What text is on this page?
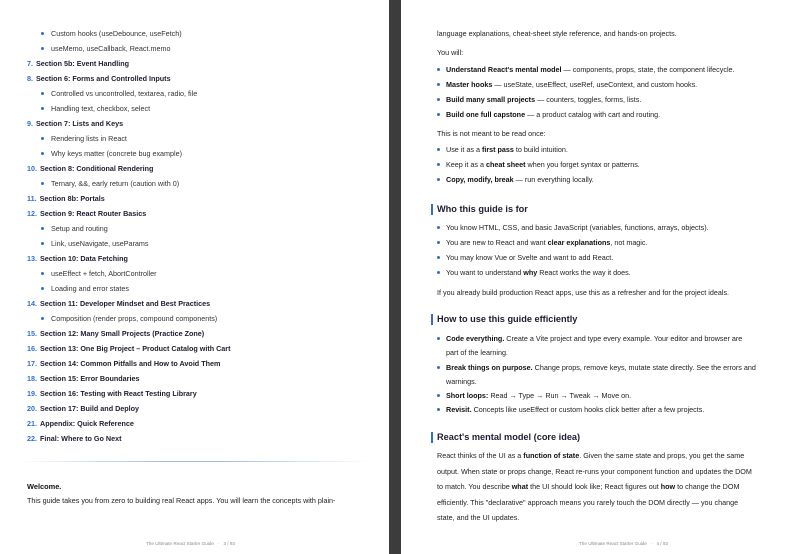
Custom hooks (useDebounce, useFetch)
useMemo, useCallback, React.memo
7. Section 5b: Event Handling
8. Section 6: Forms and Controlled Inputs
Controlled vs uncontrolled, textarea, radio, file
Handling text, checkbox, select
9. Section 7: Lists and Keys
Rendering lists in React
Why keys matter (concrete bug example)
10. Section 8: Conditional Rendering
Ternary, &&, early return (caution with 0)
11. Section 8b: Portals
12. Section 9: React Router Basics
Setup and routing
Link, useNavigate, useParams
13. Section 10: Data Fetching
useEffect + fetch, AbortController
Loading and error states
14. Section 11: Developer Mindset and Best Practices
Composition (render props, compound components)
15. Section 12: Many Small Projects (Practice Zone)
16. Section 13: One Big Project – Product Catalog with Cart
17. Section 14: Common Pitfalls and How to Avoid Them
18. Section 15: Error Boundaries
19. Section 16: Testing with React Testing Library
20. Section 17: Build and Deploy
21. Appendix: Quick Reference
22. Final: Where to Go Next
Welcome.
This guide takes you from zero to building real React apps. You will learn the concepts with plain-
The Ultimate React Starter Guide · 3 / 93
language explanations, cheat-sheet style reference, and hands-on projects.
You will:
Understand React's mental model — components, props, state, the component lifecycle.
Master hooks — useState, useEffect, useRef, useContext, and custom hooks.
Build many small projects — counters, toggles, forms, lists.
Build one full capstone — a product catalog with cart and routing.
This is not meant to be read once:
Use it as a first pass to build intuition.
Keep it as a cheat sheet when you forget syntax or patterns.
Copy, modify, break — run everything locally.
Who this guide is for
You know HTML, CSS, and basic JavaScript (variables, functions, arrays, objects).
You are new to React and want clear explanations, not magic.
You may know Vue or Svelte and want to add React.
You want to understand why React works the way it does.
If you already build production React apps, use this as a refresher and for the project ideals.
How to use this guide efficiently
Code everything. Create a Vite project and type every example. Your editor and browser are
part of the learning.
Break things on purpose. Change props, remove keys, mutate state directly. See the errors and
warnings.
Short loops: Read → Type → Run → Tweak → Move on.
Revisit. Concepts like useEffect or custom hooks click better after a few projects.
React's mental model (core idea)
React thinks of the UI as a function of state. Given the same state and props, you get the same
output. When state or props change, React re-runs your component function and updates the DOM
to match. You describe what the UI should look like; React figures out how to change the DOM
efficiently. This "declarative" approach means you rarely touch the DOM directly — you change
state, and the UI updates.
The Ultimate React Starter Guide · 4 / 93
